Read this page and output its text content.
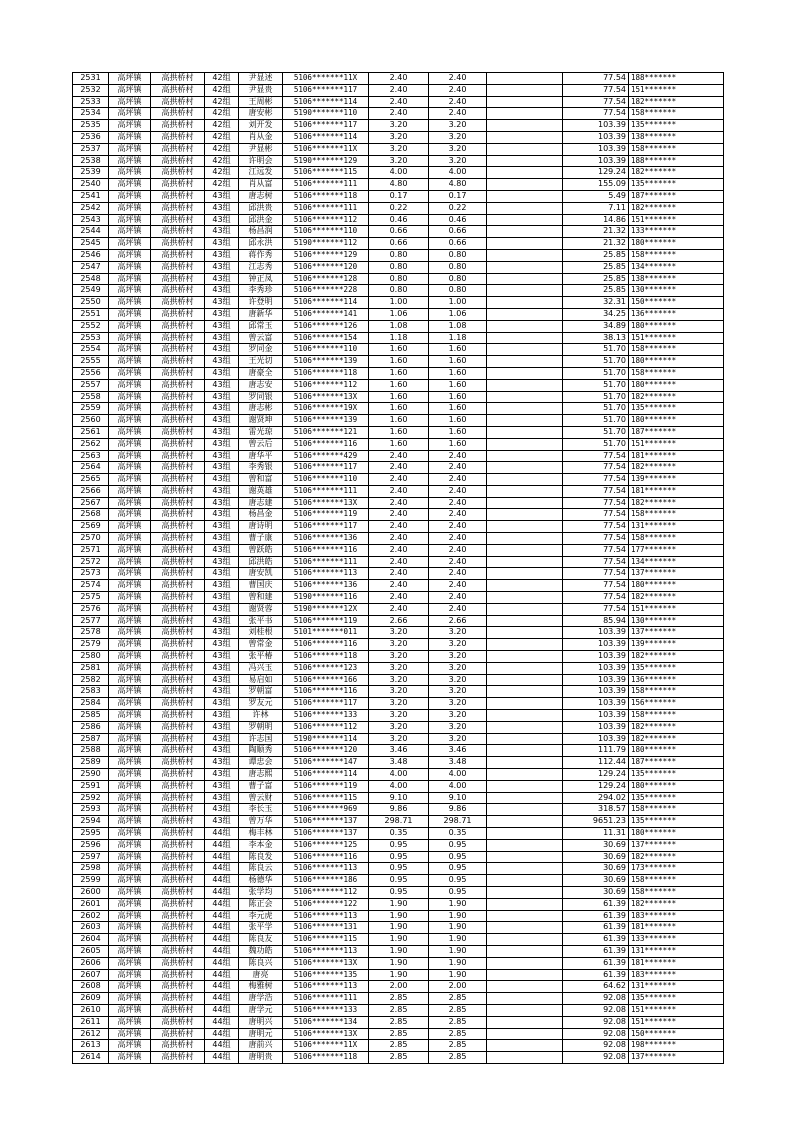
2531	高坪镇	高拱桥村	42组	尹显述	5106*******11X	2.40	2.40		77.54	188*******
2532	高坪镇	高拱桥村	42组	尹显贵	5106*******117	2.40	2.40		77.54	151*******
2533	高坪镇	高拱桥村	42组	王周彬	5106*******114	2.40	2.40		77.54	182*******
2534	高坪镇	高拱桥村	42组	唐安彬	5190*******110	2.40	2.40		77.54	158*******
2535	高坪镇	高拱桥村	42组	刘开发	5106*******117	3.20	3.20		103.39	135*******
2536	高坪镇	高拱桥村	42组	肖从金	5106*******114	3.20	3.20		103.39	138*******
2537	高坪镇	高拱桥村	42组	尹显彬	5106*******11X	3.20	3.20		103.39	158*******
2538	高坪镇	高拱桥村	42组	许明会	5190*******129	3.20	3.20		103.39	188*******
2539	高坪镇	高拱桥村	42组	江远发	5106*******115	4.00	4.00		129.24	182*******
2540	高坪镇	高拱桥村	42组	肖从富	5106*******111	4.80	4.80		155.09	135*******
2541	高坪镇	高拱桥村	43组	唐志树	5106*******118	0.17	0.17		5.49	187*******
2542	高坪镇	高拱桥村	43组	邱洪贵	5106*******111	0.22	0.22		7.11	182*******
2543	高坪镇	高拱桥村	43组	邱洪金	5106*******112	0.46	0.46		14.86	151*******
2544	高坪镇	高拱桥村	43组	杨昌润	5106*******110	0.66	0.66		21.32	133*******
2545	高坪镇	高拱桥村	43组	邱永洪	5190*******112	0.66	0.66		21.32	180*******
2546	高坪镇	高拱桥村	43组	蒋作秀	5106*******129	0.80	0.80		25.85	158*******
2547	高坪镇	高拱桥村	43组	江志秀	5106*******120	0.80	0.80		25.85	134*******
2548	高坪镇	高拱桥村	43组	钟正凤	5106*******128	0.80	0.80		25.85	138*******
2549	高坪镇	高拱桥村	43组	李秀珍	5106*******228	0.80	0.80		25.85	130*******
2550	高坪镇	高拱桥村	43组	许登明	5106*******114	1.00	1.00		32.31	150*******
2551	高坪镇	高拱桥村	43组	唐新华	5106*******141	1.06	1.06		34.25	136*******
2552	高坪镇	高拱桥村	43组	邱常玉	5106*******126	1.08	1.08		34.89	180*******
2553	高坪镇	高拱桥村	43组	曾云富	5106*******154	1.18	1.18		38.13	151*******
2554	高坪镇	高拱桥村	43组	罗同金	5106*******110	1.60	1.60		51.70	158*******
2555	高坪镇	高拱桥村	43组	王光切	5106*******139	1.60	1.60		51.70	180*******
2556	高坪镇	高拱桥村	43组	唐豪全	5106*******118	1.60	1.60		51.70	158*******
2557	高坪镇	高拱桥村	43组	唐志安	5106*******112	1.60	1.60		51.70	180*******
2558	高坪镇	高拱桥村	43组	罗同银	5106*******13X	1.60	1.60		51.70	182*******
2559	高坪镇	高拱桥村	43组	唐志彬	5106*******19X	1.60	1.60		51.70	135*******
2560	高坪镇	高拱桥村	43组	谢贤坤	5106*******139	1.60	1.60		51.70	180*******
2561	高坪镇	高拱桥村	43组	雷光琼	5106*******121	1.60	1.60		51.70	187*******
2562	高坪镇	高拱桥村	43组	曾云后	5106*******116	1.60	1.60		51.70	151*******
2563	高坪镇	高拱桥村	43组	唐华平	5106*******429	2.40	2.40		77.54	181*******
2564	高坪镇	高拱桥村	43组	李秀银	5106*******117	2.40	2.40		77.54	182*******
2565	高坪镇	高拱桥村	43组	曾和富	5106*******110	2.40	2.40		77.54	139*******
2566	高坪镇	高拱桥村	43组	谢英雄	5106*******111	2.40	2.40		77.54	181*******
2567	高坪镇	高拱桥村	43组	唐志建	5106*******13X	2.40	2.40		77.54	182*******
2568	高坪镇	高拱桥村	43组	杨昌金	5106*******119	2.40	2.40		77.54	158*******
2569	高坪镇	高拱桥村	43组	唐诗明	5106*******117	2.40	2.40		77.54	131*******
2570	高坪镇	高拱桥村	43组	曹子康	5106*******136	2.40	2.40		77.54	158*******
2571	高坪镇	高拱桥村	43组	曾跃皓	5106*******116	2.40	2.40		77.54	177*******
2572	高坪镇	高拱桥村	43组	邱洪皓	5106*******111	2.40	2.40		77.54	134*******
2573	高坪镇	高拱桥村	43组	唐安凯	5106*******113	2.40	2.40		77.54	137*******
2574	高坪镇	高拱桥村	43组	曹国庆	5106*******136	2.40	2.40		77.54	180*******
2575	高坪镇	高拱桥村	43组	曾和建	5190*******116	2.40	2.40		77.54	182*******
2576	高坪镇	高拱桥村	43组	谢贤蓉	5190*******12X	2.40	2.40		77.54	151*******
2577	高坪镇	高拱桥村	43组	张平书	5106*******119	2.66	2.66		85.94	130*******
2578	高坪镇	高拱桥村	43组	刘桂根	5101*******011	3.20	3.20		103.39	137*******
2579	高坪镇	高拱桥村	43组	曾常金	5106*******116	3.20	3.20		103.39	139*******
2580	高坪镇	高拱桥村	43组	张平椿	5106*******118	3.20	3.20		103.39	182*******
2581	高坪镇	高拱桥村	43组	冯兴玉	5106*******123	3.20	3.20		103.39	135*******
2582	高坪镇	高拱桥村	43组	易启如	5106*******166	3.20	3.20		103.39	136*******
2583	高坪镇	高拱桥村	43组	罗朝富	5106*******116	3.20	3.20		103.39	158*******
2584	高坪镇	高拱桥村	43组	罗友元	5106*******117	3.20	3.20		103.39	156*******
2585	高坪镇	高拱桥村	43组	许林	5106*******133	3.20	3.20		103.39	158*******
2586	高坪镇	高拱桥村	43组	罗朝明	5106*******112	3.20	3.20		103.39	182*******
2587	高坪镇	高拱桥村	43组	许志国	5190*******114	3.20	3.20		103.39	182*******
2588	高坪镇	高拱桥村	43组	陶顺秀	5106*******120	3.46	3.46		111.79	180*******
2589	高坪镇	高拱桥村	43组	谭忠会	5106*******147	3.48	3.48		112.44	187*******
2590	高坪镇	高拱桥村	43组	唐志熙	5106*******114	4.00	4.00		129.24	135*******
2591	高坪镇	高拱桥村	43组	曹子富	5106*******119	4.00	4.00		129.24	180*******
2592	高坪镇	高拱桥村	43组	曾云财	5106*******115	9.10	9.10		294.02	135*******
2593	高坪镇	高拱桥村	43组	李长玉	5106*******969	9.86	9.86		318.57	158*******
2594	高坪镇	高拱桥村	43组	曾万华	5106*******137	298.71	298.71		9651.23	135*******
2595	高坪镇	高拱桥村	44组	梅丰林	5106*******137	0.35	0.35		11.31	180*******
2596	高坪镇	高拱桥村	44组	李本金	5106*******125	0.95	0.95		30.69	137*******
2597	高坪镇	高拱桥村	44组	陈良发	5106*******116	0.95	0.95		30.69	182*******
2598	高坪镇	高拱桥村	44组	陈良云	5106*******113	0.95	0.95		30.69	173*******
2599	高坪镇	高拱桥村	44组	杨德华	5106*******186	0.95	0.95		30.69	158*******
2600	高坪镇	高拱桥村	44组	张学均	5106*******112	0.95	0.95		30.69	158*******
2601	高坪镇	高拱桥村	44组	陈正会	5106*******122	1.90	1.90		61.39	182*******
2602	高坪镇	高拱桥村	44组	李元虎	5106*******113	1.90	1.90		61.39	183*******
2603	高坪镇	高拱桥村	44组	张平学	5106*******131	1.90	1.90		61.39	181*******
2604	高坪镇	高拱桥村	44组	陈良友	5106*******115	1.90	1.90		61.39	133*******
2605	高坪镇	高拱桥村	44组	魏功皓	5106*******113	1.90	1.90		61.39	131*******
2606	高坪镇	高拱桥村	44组	陈良兴	5106*******13X	1.90	1.90		61.39	181*******
2607	高坪镇	高拱桥村	44组	唐亮	5106*******135	1.90	1.90		61.39	183*******
2608	高坪镇	高拱桥村	44组	梅雅树	5106*******113	2.00	2.00		64.62	131*******
2609	高坪镇	高拱桥村	44组	唐学浩	5106*******111	2.85	2.85		92.08	135*******
2610	高坪镇	高拱桥村	44组	唐学元	5106*******133	2.85	2.85		92.08	151*******
2611	高坪镇	高拱桥村	44组	唐明兴	5106*******134	2.85	2.85		92.08	151*******
2612	高坪镇	高拱桥村	44组	唐明元	5106*******13X	2.85	2.85		92.08	150*******
2613	高坪镇	高拱桥村	44组	唐前兴	5106*******11X	2.85	2.85		92.08	198*******
2614	高坪镇	高拱桥村	44组	唐明贵	5106*******118	2.85	2.85		92.08	137*******
